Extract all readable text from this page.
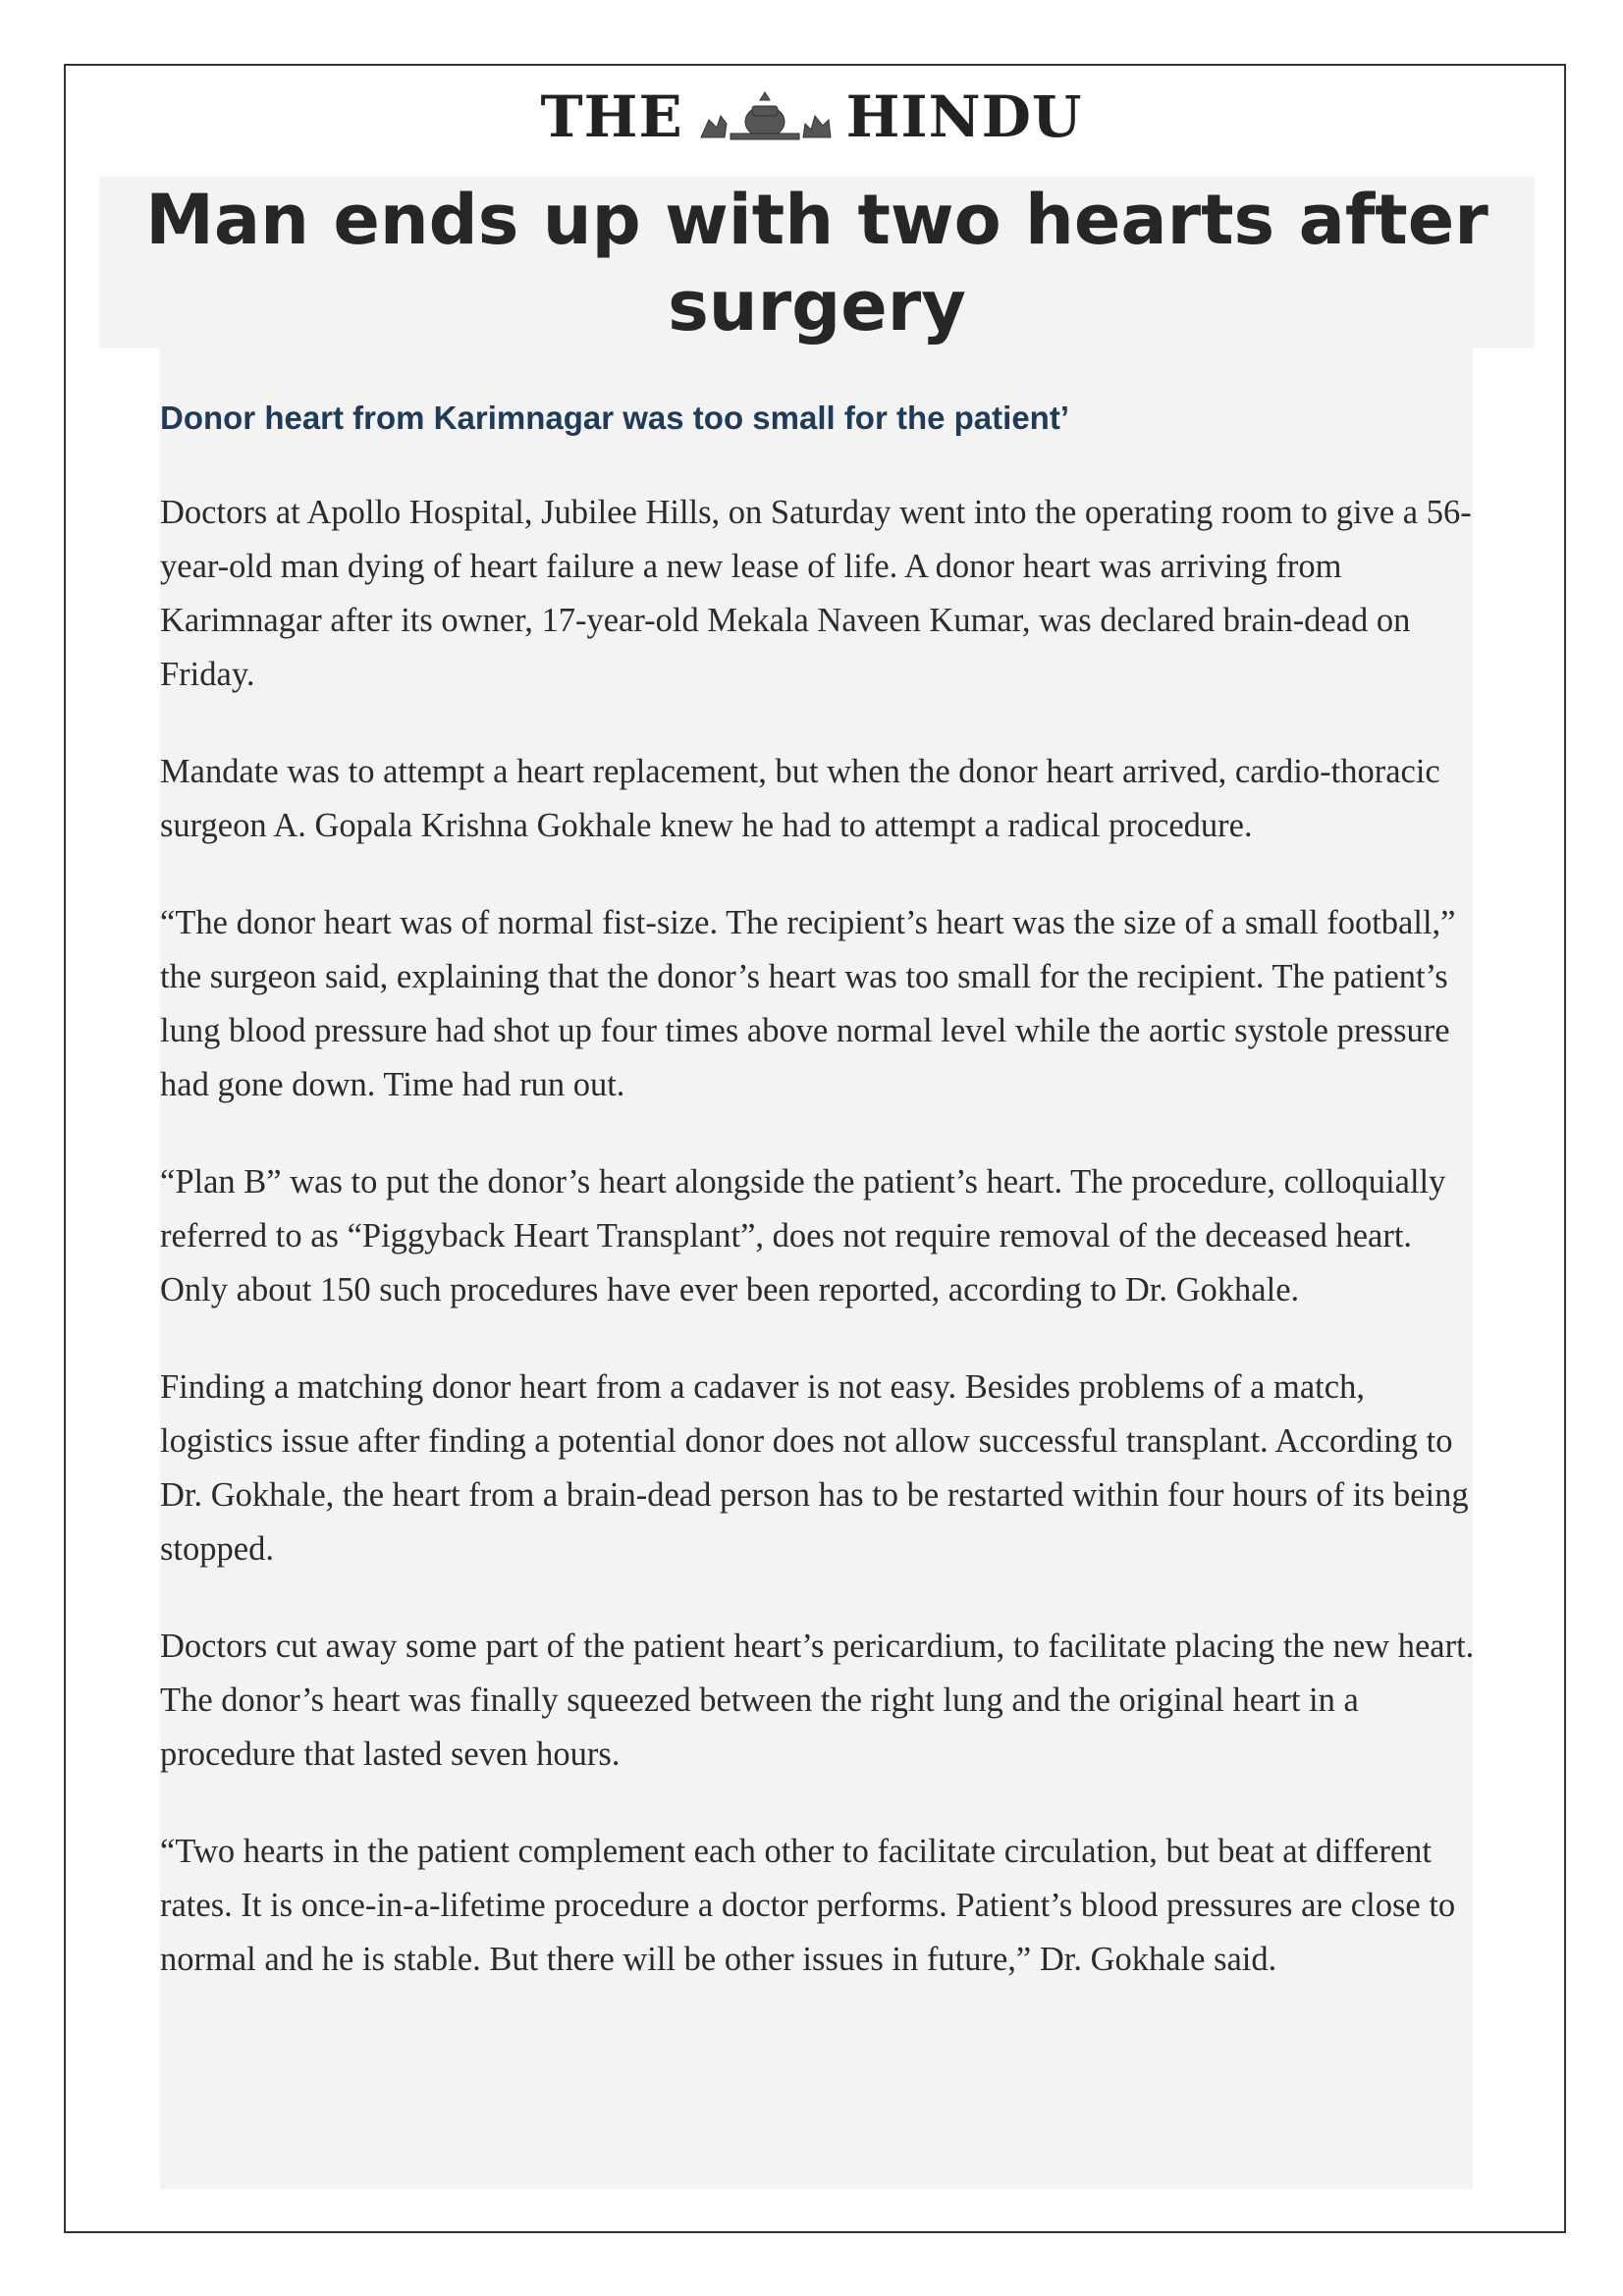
THE	HINDU
Man ends up with two hearts after surgery
Donor heart from Karimnagar was too small for the patient’

Doctors at Apollo Hospital, Jubilee Hills, on Saturday went into the operating room to give a 56-year-old man dying of heart failure a new lease of life. A donor heart was arriving from Karimnagar after its owner, 17-year-old Mekala Naveen Kumar, was declared brain-dead on Friday.

Mandate was to attempt a heart replacement, but when the donor heart arrived, cardio-thoracic surgeon A. Gopala Krishna Gokhale knew he had to attempt a radical procedure.

“The donor heart was of normal fist-size. The recipient’s heart was the size of a small football,” the surgeon said, explaining that the donor’s heart was too small for the recipient. The patient’s lung blood pressure had shot up four times above normal level while the aortic systole pressure had gone down. Time had run out.

“Plan B” was to put the donor’s heart alongside the patient’s heart. The procedure, colloquially referred to as “Piggyback Heart Transplant”, does not require removal of the deceased heart. Only about 150 such procedures have ever been reported, according to Dr. Gokhale.

Finding a matching donor heart from a cadaver is not easy. Besides problems of a match, logistics issue after finding a potential donor does not allow successful transplant. According to Dr. Gokhale, the heart from a brain-dead person has to be restarted within four hours of its being stopped.

Doctors cut away some part of the patient heart’s pericardium, to facilitate placing the new heart. The donor’s heart was finally squeezed between the right lung and the original heart in a procedure that lasted seven hours.

“Two hearts in the patient complement each other to facilitate circulation, but beat at different rates. It is once-in-a-lifetime procedure a doctor performs. Patient’s blood pressures are close to normal and he is stable. But there will be other issues in future,” Dr. Gokhale said.
